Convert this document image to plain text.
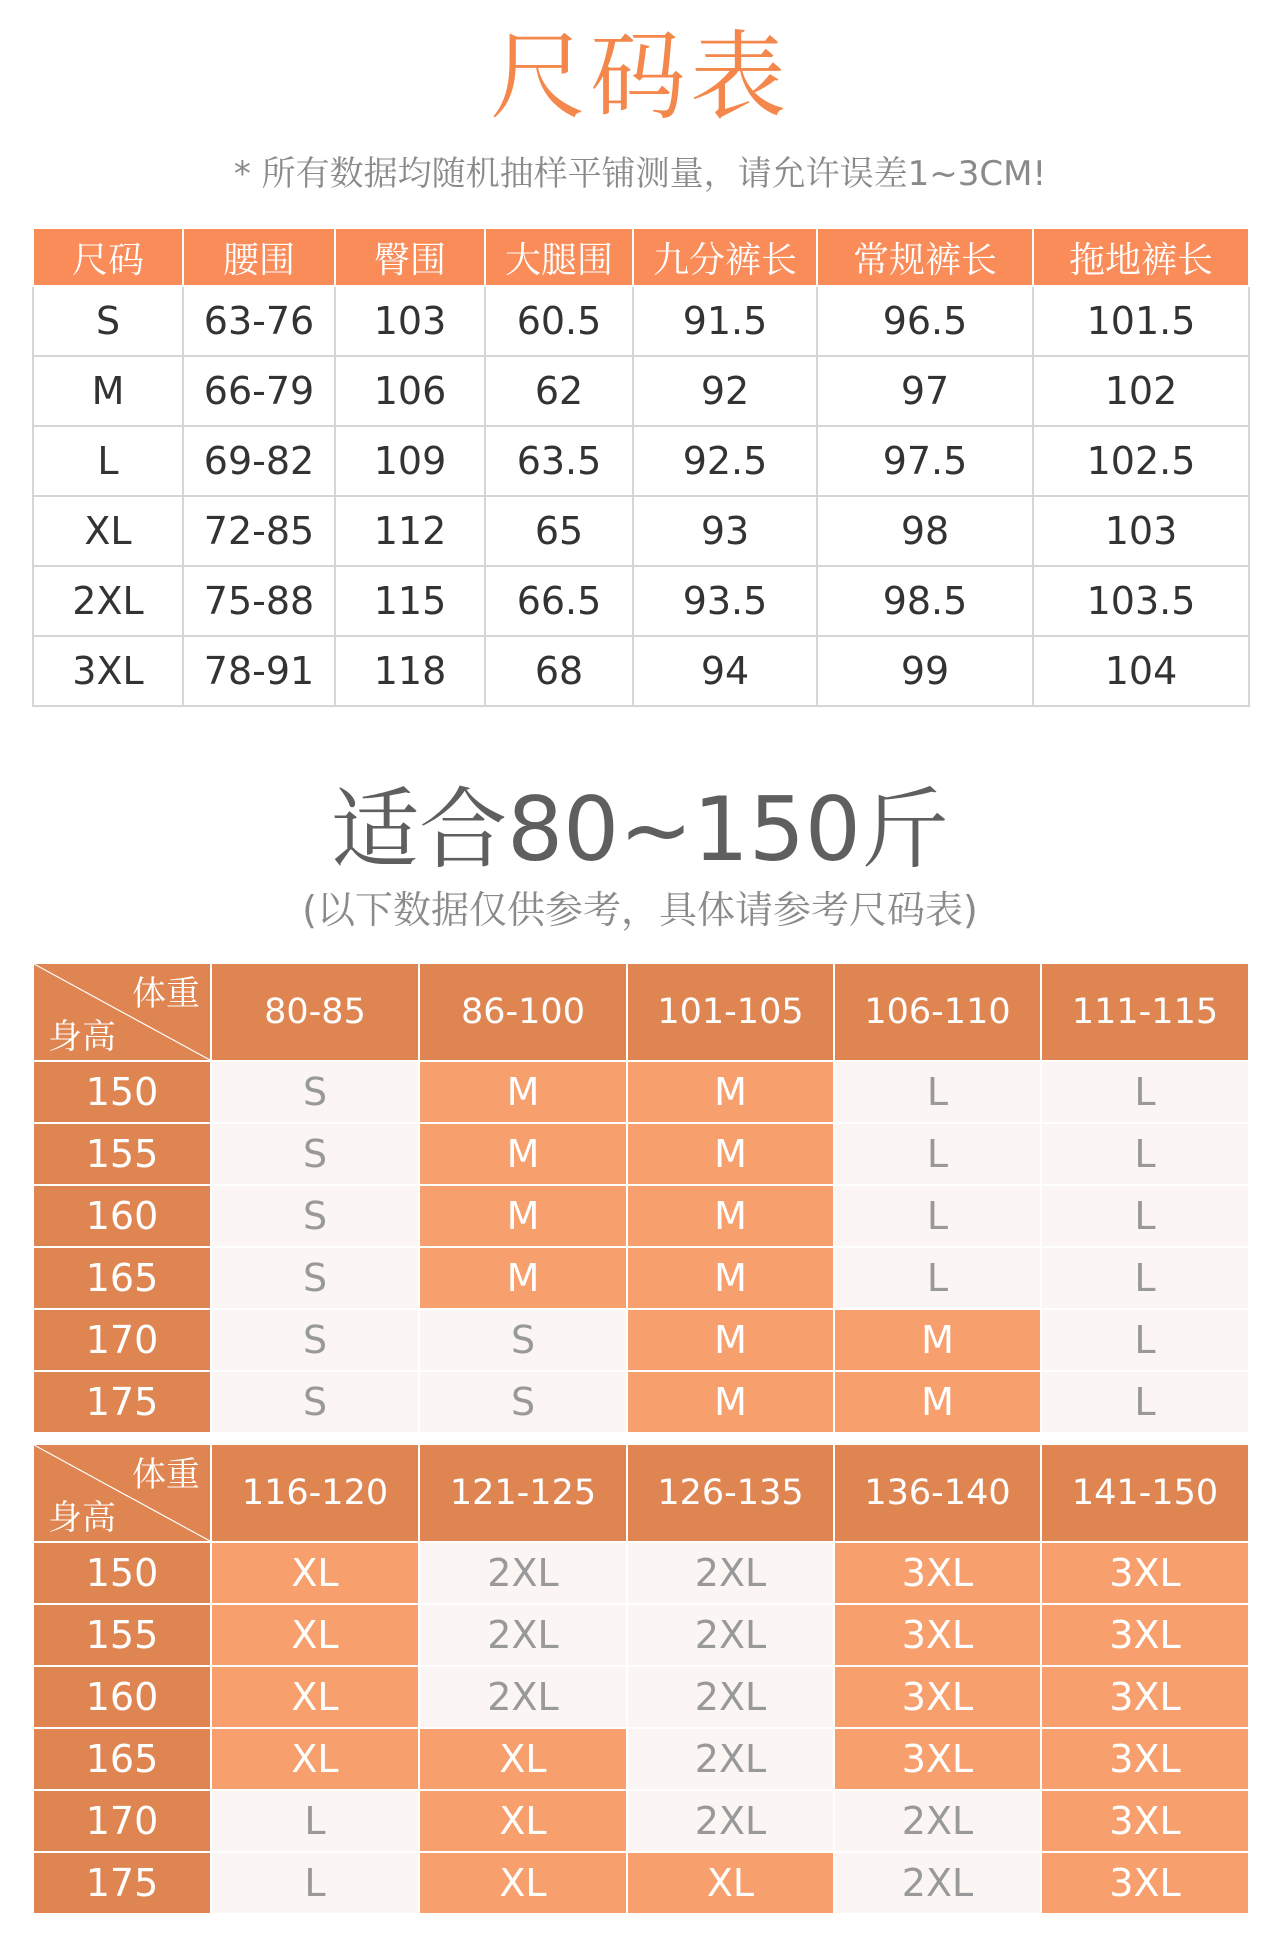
尺码表
* 所有数据均随机抽样平铺测量，请允许误差1~3CM!
尺码	腰围	臀围	大腿围	九分裤长	常规裤长	拖地裤长
S	63-76	103	60.5	91.5	96.5	101.5
M	66-79	106	62	92	97	102
L	69-82	109	63.5	92.5	97.5	102.5
XL	72-85	112	65	93	98	103
2XL	75-88	115	66.5	93.5	98.5	103.5
3XL	78-91	118	68	94	99	104
适合80~150斤
(以下数据仅供参考，具体请参考尺码表)
体重
身高	80-85	86-100	101-105	106-110	111-115
150	S	M	M	L	L
155	S	M	M	L	L
160	S	M	M	L	L
165	S	M	M	L	L
170	S	S	M	M	L
175	S	S	M	M	L
体重
身高	116-120	121-125	126-135	136-140	141-150
150	XL	2XL	2XL	3XL	3XL
155	XL	2XL	2XL	3XL	3XL
160	XL	2XL	2XL	3XL	3XL
165	XL	XL	2XL	3XL	3XL
170	L	XL	2XL	2XL	3XL
175	L	XL	XL	2XL	3XL
